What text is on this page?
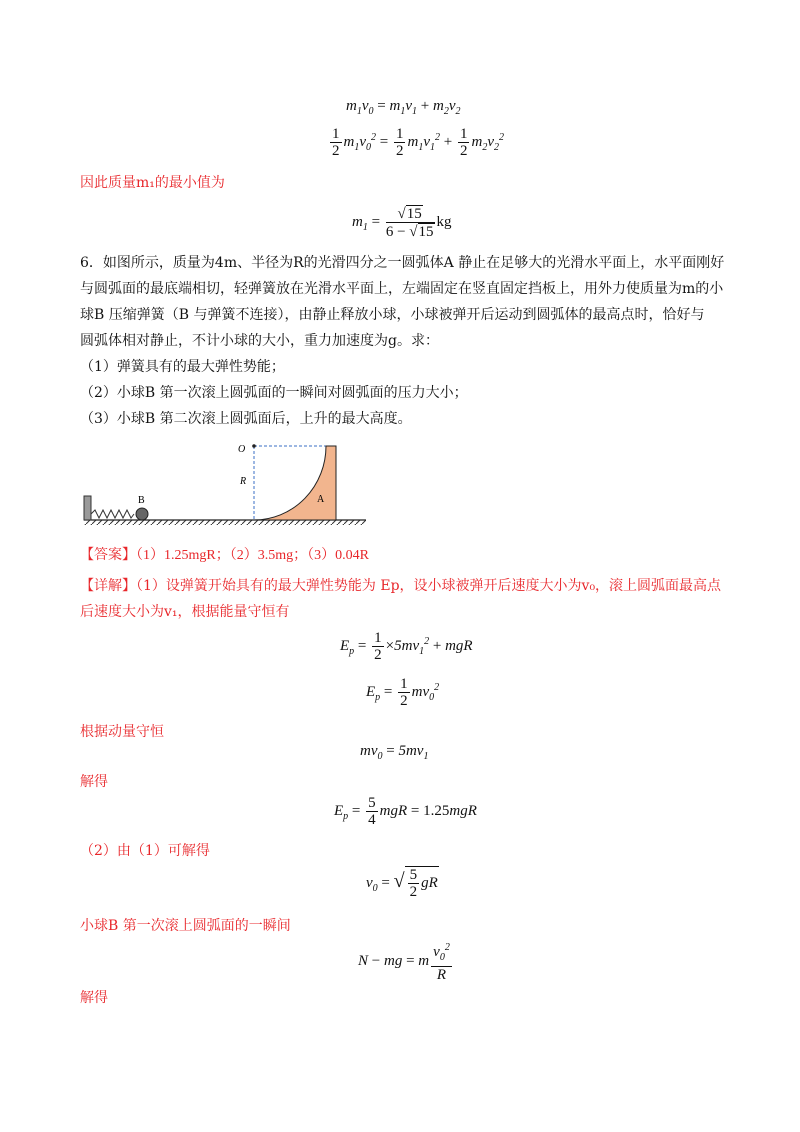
$m_1v_0 = m_1v_1 + m_2v_2$
$\frac{1}{2} m_1v_0^2 = \frac{1}{2} m_1v_1^2 + \frac{1}{2} m_2v_2^2$
因此质量m₁的最小值为
$m_1 = \frac{√15}{6 - √15}$ kg
6．如图所示，质量为4m、半径为R的光滑四分之一圆弧体A 静止在足够大的光滑水平面上，水平面刚好
与圆弧面的最底端相切，轻弹簧放在光滑水平面上，左端固定在竖直固定挡板上，用外力使质量为m的小
球B 压缩弹簧（B 与弹簧不连接），由静止释放小球，小球被弹开后运动到圆弧体的最高点时，恰好与
圆弧体相对静止，不计小球的大小，重力加速度为g。求：
（1）弹簧具有的最大弹性势能；
（2）小球B 第一次滚上圆弧面的一瞬间对圆弧面的压力大小；
（3）小球B 第二次滚上圆弧面后，上升的最大高度。
B
O
R
A
【答案】（1）1.25mgR；（2）3.5mg；（3）0.04R
【详解】（1）设弹簧开始具有的最大弹性势能为 Ep，设小球被弹开后速度大小为v₀，滚上圆弧面最高点
后速度大小为v₁，根据能量守恒有
$E_p = \frac{1}{2} \times 5mv_1^2$ + mgR
$E_p = \frac{1}{2} mv_0^2$
根据动量守恒
$mv_0 = 5mv_1$
解得
$E_p = \frac{5}{4}$ mgR = 1.25mgR
（2）由（1）可解得
$v_0$ = √ $\frac{5}{2}$ gR
小球B 第一次滚上圆弧面的一瞬间
N − mg = m $\frac{v_0^2}{R}$
解得
